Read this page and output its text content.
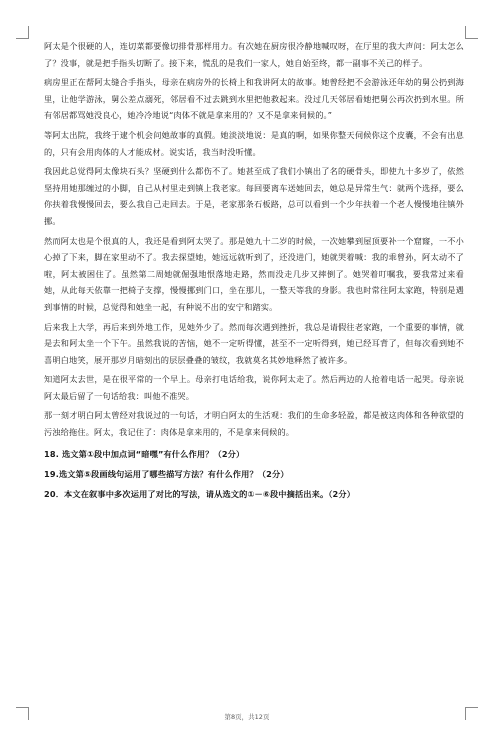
阿太是个很硬的人，连切菜都要像切排骨那样用力。有次她在厨房很冷静地喊叹呀，在厅里的我大声问：阿太怎么了？没事，就是把手指头切断了。接下来，慌乱的是我们一家人，她自始至终，都一副事不关己的样子。

病房里正在帮阿太缝合手指头，母亲在病房外的长椅上和我讲阿太的故事。她曾经把不会游泳还年幼的舅公扔到海里，让他学游泳，舅公差点溺死，邻居看不过去跳到水里把他救起来。没过几天邻居看她把舅公再次扔到水里。所有邻居都骂她没良心，她冷冷地说“肉体不就是拿来用的？又不是拿来伺候的。”

等阿太出院，我终于逮个机会问她故事的真假。她淡淡地说：是真的啊，如果你整天伺候你这个皮囊，不会有出息的，只有会用肉体的人才能成材。说实话，我当时没听懂。

我因此总觉得阿太像块石头？坚硬到什么都伤不了。她甚至成了我们小镇出了名的硬骨头，即使九十多岁了，依然坚持用她那缠过的小脚，自己从村里走到镇上我老家。每回要离车送她回去，她总是异常生气：就两个选择，要么你扶着我慢慢回去，要么我自己走回去。于是，老家那条石板路，总可以看到一个少年扶着一个老人慢慢地往镇外挪。

然而阿太也是个很真的人，我还是看到阿太哭了。那是她九十二岁的时候，一次她攀到屋顶要补一个窟窿，一不小心掉了下来，脚在家里动不了。我去探望她，她远远就听到了，还没进门，她就哭着喊：我的乖曾孙，阿太动不了啦，阿太被困住了。虽然第二周她就倔强地恨落地走路，然而没走几步又摔倒了。她哭着叮嘱我，要我常过来看她，从此每天依靠一把椅子支撑，慢慢挪到门口，坐在那儿，一整天等我的身影。我也时常往阿太家跑，特别是遇到事情的时候，总觉得和她坐一起，有种说不出的安宁和踏实。

后来我上大学，再后来到外地工作，见她外少了。然而每次遇到挫折，我总是请假往老家跑，一个重要的事情，就是去和阿太坐一个下午。虽然我说的苦恼，她不一定听得懂，甚至不一定听得到，她已经耳背了，但每次看到她不喜明白地笑，展开那岁月暗刻出的层层叠叠的皱纹，我就莫名其妙地释然了被许多。

知道阿太去世，是在很平常的一个早上。母亲打电话给我，说你阿太走了。然后两边的人抢着电话一起哭。母亲说阿太最后留了一句话给我：叫他不准哭。

那一刻才明白阿太曾经对我说过的一句话，才明白阿太的生活观：我们的生命多轻盈，都是被这肉体和各种欲望的污浊给拖住。阿太，我记住了：肉体是拿来用的，不是拿来伺候的。

18. 选文第①段中加点词“暗嘿”有什么作用？（2分）

19.选文第⑤段画线句运用了哪些描写方法？有什么作用？（2分）

20．本文在叙事中多次运用了对比的写法，请从选文的①－⑥段中摘括出来。（2分）

第8页，共12页
